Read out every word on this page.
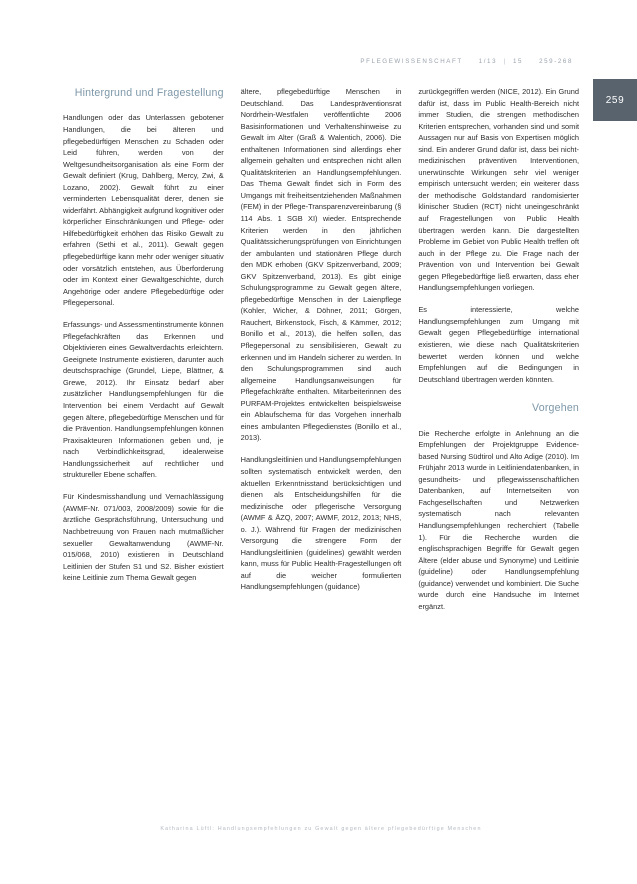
PFLEGEWISSENSCHAFT	1/13 | 15	259-268
259
Hintergrund und Fragestellung

Handlungen oder das Unterlassen gebotener Handlungen, die bei älteren und pflegebedürftigen Menschen zu Schaden oder Leid führen, werden von der Weltgesundheitsorganisation als eine Form der Gewalt definiert (Krug, Dahlberg, Mercy, Zwi, & Lozano, 2002). Gewalt führt zu einer verminderten Lebensqualität derer, denen sie widerfährt. Abhängigkeit aufgrund kognitiver oder körperlicher Einschränkungen und Pflege- oder Hilfebedürftigkeit erhöhen das Risiko Gewalt zu erfahren (Sethi et al., 2011). Gewalt gegen pflegebedürftige kann mehr oder weniger situativ oder vorsätzlich entstehen, aus Überforderung oder im Kontext einer Gewaltgeschichte, durch Angehörige oder andere Pflegebedürftige oder Pflegepersonal.

Erfassungs- und Assessmentinstrumente können Pflegefachkräften das Erkennen und Objektivieren eines Gewaltverdachts erleichtern. Geeignete Instrumente existieren, darunter auch deutschsprachige (Grundel, Liepe, Blättner, & Grewe, 2012). Ihr Einsatz bedarf aber zusätzlicher Handlungsempfehlungen für die Intervention bei einem Verdacht auf Gewalt gegen ältere, pflegebedürftige Menschen und für die Prävention. Handlungsempfehlungen können Praxisakteuren Informationen geben und, je nach Verbindlichkeitsgrad, idealerweise Handlungssicherheit auf rechtlicher und struktureller Ebene schaffen.

Für Kindesmisshandlung und Vernachlässigung (AWMF-Nr. 071/003, 2008/2009) sowie für die ärztliche Gesprächsführung, Untersuchung und Nachbetreuung von Frauen nach mutmaßlicher sexueller Gewaltanwendung (AWMF-Nr. 015/068, 2010) existieren in Deutschland Leitlinien der Stufen S1 und S2. Bisher existiert keine Leitlinie zum Thema Gewalt gegen

ältere, pflegebedürftige Menschen in Deutschland. Das Landespräventionsrat Nordrhein-Westfalen veröffentlichte 2006 Basisinformationen und Verhaltenshinweise zu Gewalt im Alter (Graß & Walentich, 2006). Die enthaltenen Informationen sind allerdings eher allgemein gehalten und entsprechen nicht allen Qualitätskriterien an Handlungsempfehlungen. Das Thema Gewalt findet sich in Form des Umgangs mit freiheitsentziehenden Maßnahmen (FEM) in der Pflege-Transparenzvereinbarung (§ 114 Abs. 1 SGB XI) wieder. Entsprechende Kriterien werden in den jährlichen Qualitätssicherungsprüfungen von Einrichtungen der ambulanten und stationären Pflege durch den MDK erhoben (GKV Spitzenverband, 2009; GKV Spitzenverband, 2013). Es gibt einige Schulungsprogramme zu Gewalt gegen ältere, pflegebedürftige Menschen in der Laienpflege (Kohler, Wicher, & Döhner, 2011; Görgen, Rauchert, Birkenstock, Fisch, & Kämmer, 2012; Bonillo et al., 2013), die helfen sollen, das Pflegepersonal zu sensibilisieren, Gewalt zu erkennen und im Handeln sicherer zu werden. In den Schulungsprogrammen sind auch allgemeine Handlungsanweisungen für Pflegefachkräfte enthalten. Mitarbeiterinnen des PURFAM-Projektes entwickelten beispielsweise ein Ablaufschema für das Vorgehen innerhalb eines ambulanten Pflegedienstes (Bonillo et al., 2013).

Handlungsleitlinien und Handlungsempfehlungen sollten systematisch entwickelt werden, den aktuellen Erkenntnisstand berücksichtigen und dienen als Entscheidungshilfen für die medizinische oder pflegerische Versorgung (AWMF & ÄZQ, 2007; AWMF, 2012, 2013; NHS, o. J.). Während für Fragen der medizinischen Versorgung die strengere Form der Handlungsleitlinien (guidelines) gewählt werden kann, muss für Public Health-Fragestellungen oft auf die weicher formulierten Handlungsempfehlungen (guidance)

zurückgegriffen werden (NICE, 2012). Ein Grund dafür ist, dass im Public Health-Bereich nicht immer Studien, die strengen methodischen Kriterien entsprechen, vorhanden sind und somit Aussagen nur auf Basis von Expertisen möglich sind. Ein anderer Grund dafür ist, dass bei nicht-medizinischen präventiven Interventionen, unerwünschte Wirkungen sehr viel weniger empirisch untersucht werden; ein weiterer dass der methodische Goldstandard randomisierter klinischer Studien (RCT) nicht uneingeschränkt auf Fragestellungen von Public Health übertragen werden kann. Die dargestellten Probleme im Gebiet von Public Health treffen oft auch in der Pflege zu. Die Frage nach der Prävention von und Intervention bei Gewalt gegen Pflegebedürftige ließ erwarten, dass eher Handlungsempfehlungen vorliegen.

Es interessierte, welche Handlungsempfehlungen zum Umgang mit Gewalt gegen Pflegebedürftige international existieren, wie diese nach Qualitätskriterien bewertet werden können und welche Empfehlungen auf die Bedingungen in Deutschland übertragen werden könnten.

Vorgehen

Die Recherche erfolgte in Anlehnung an die Empfehlungen der Projektgruppe Evidence-based Nursing Südtirol und Alto Adige (2010). Im Frühjahr 2013 wurde in Leitliniendatenbanken, in gesundheits- und pflegewissenschaftlichen Datenbanken, auf Internetseiten von Fachgesellschaften und Netzwerken systematisch nach relevanten Handlungsempfehlungen recherchiert (Tabelle 1). Für die Recherche wurden die englischsprachigen Begriffe für Gewalt gegen Ältere (elder abuse und Synonyme) und Leitlinie (guideline) oder Handlungsempfehlung (guidance) verwendet und kombiniert. Die Suche wurde durch eine Handsuche im Internet ergänzt.

Katharina Lüftl: Handlungsempfehlungen zu Gewalt gegen ältere pflegebedürftige Menschen
